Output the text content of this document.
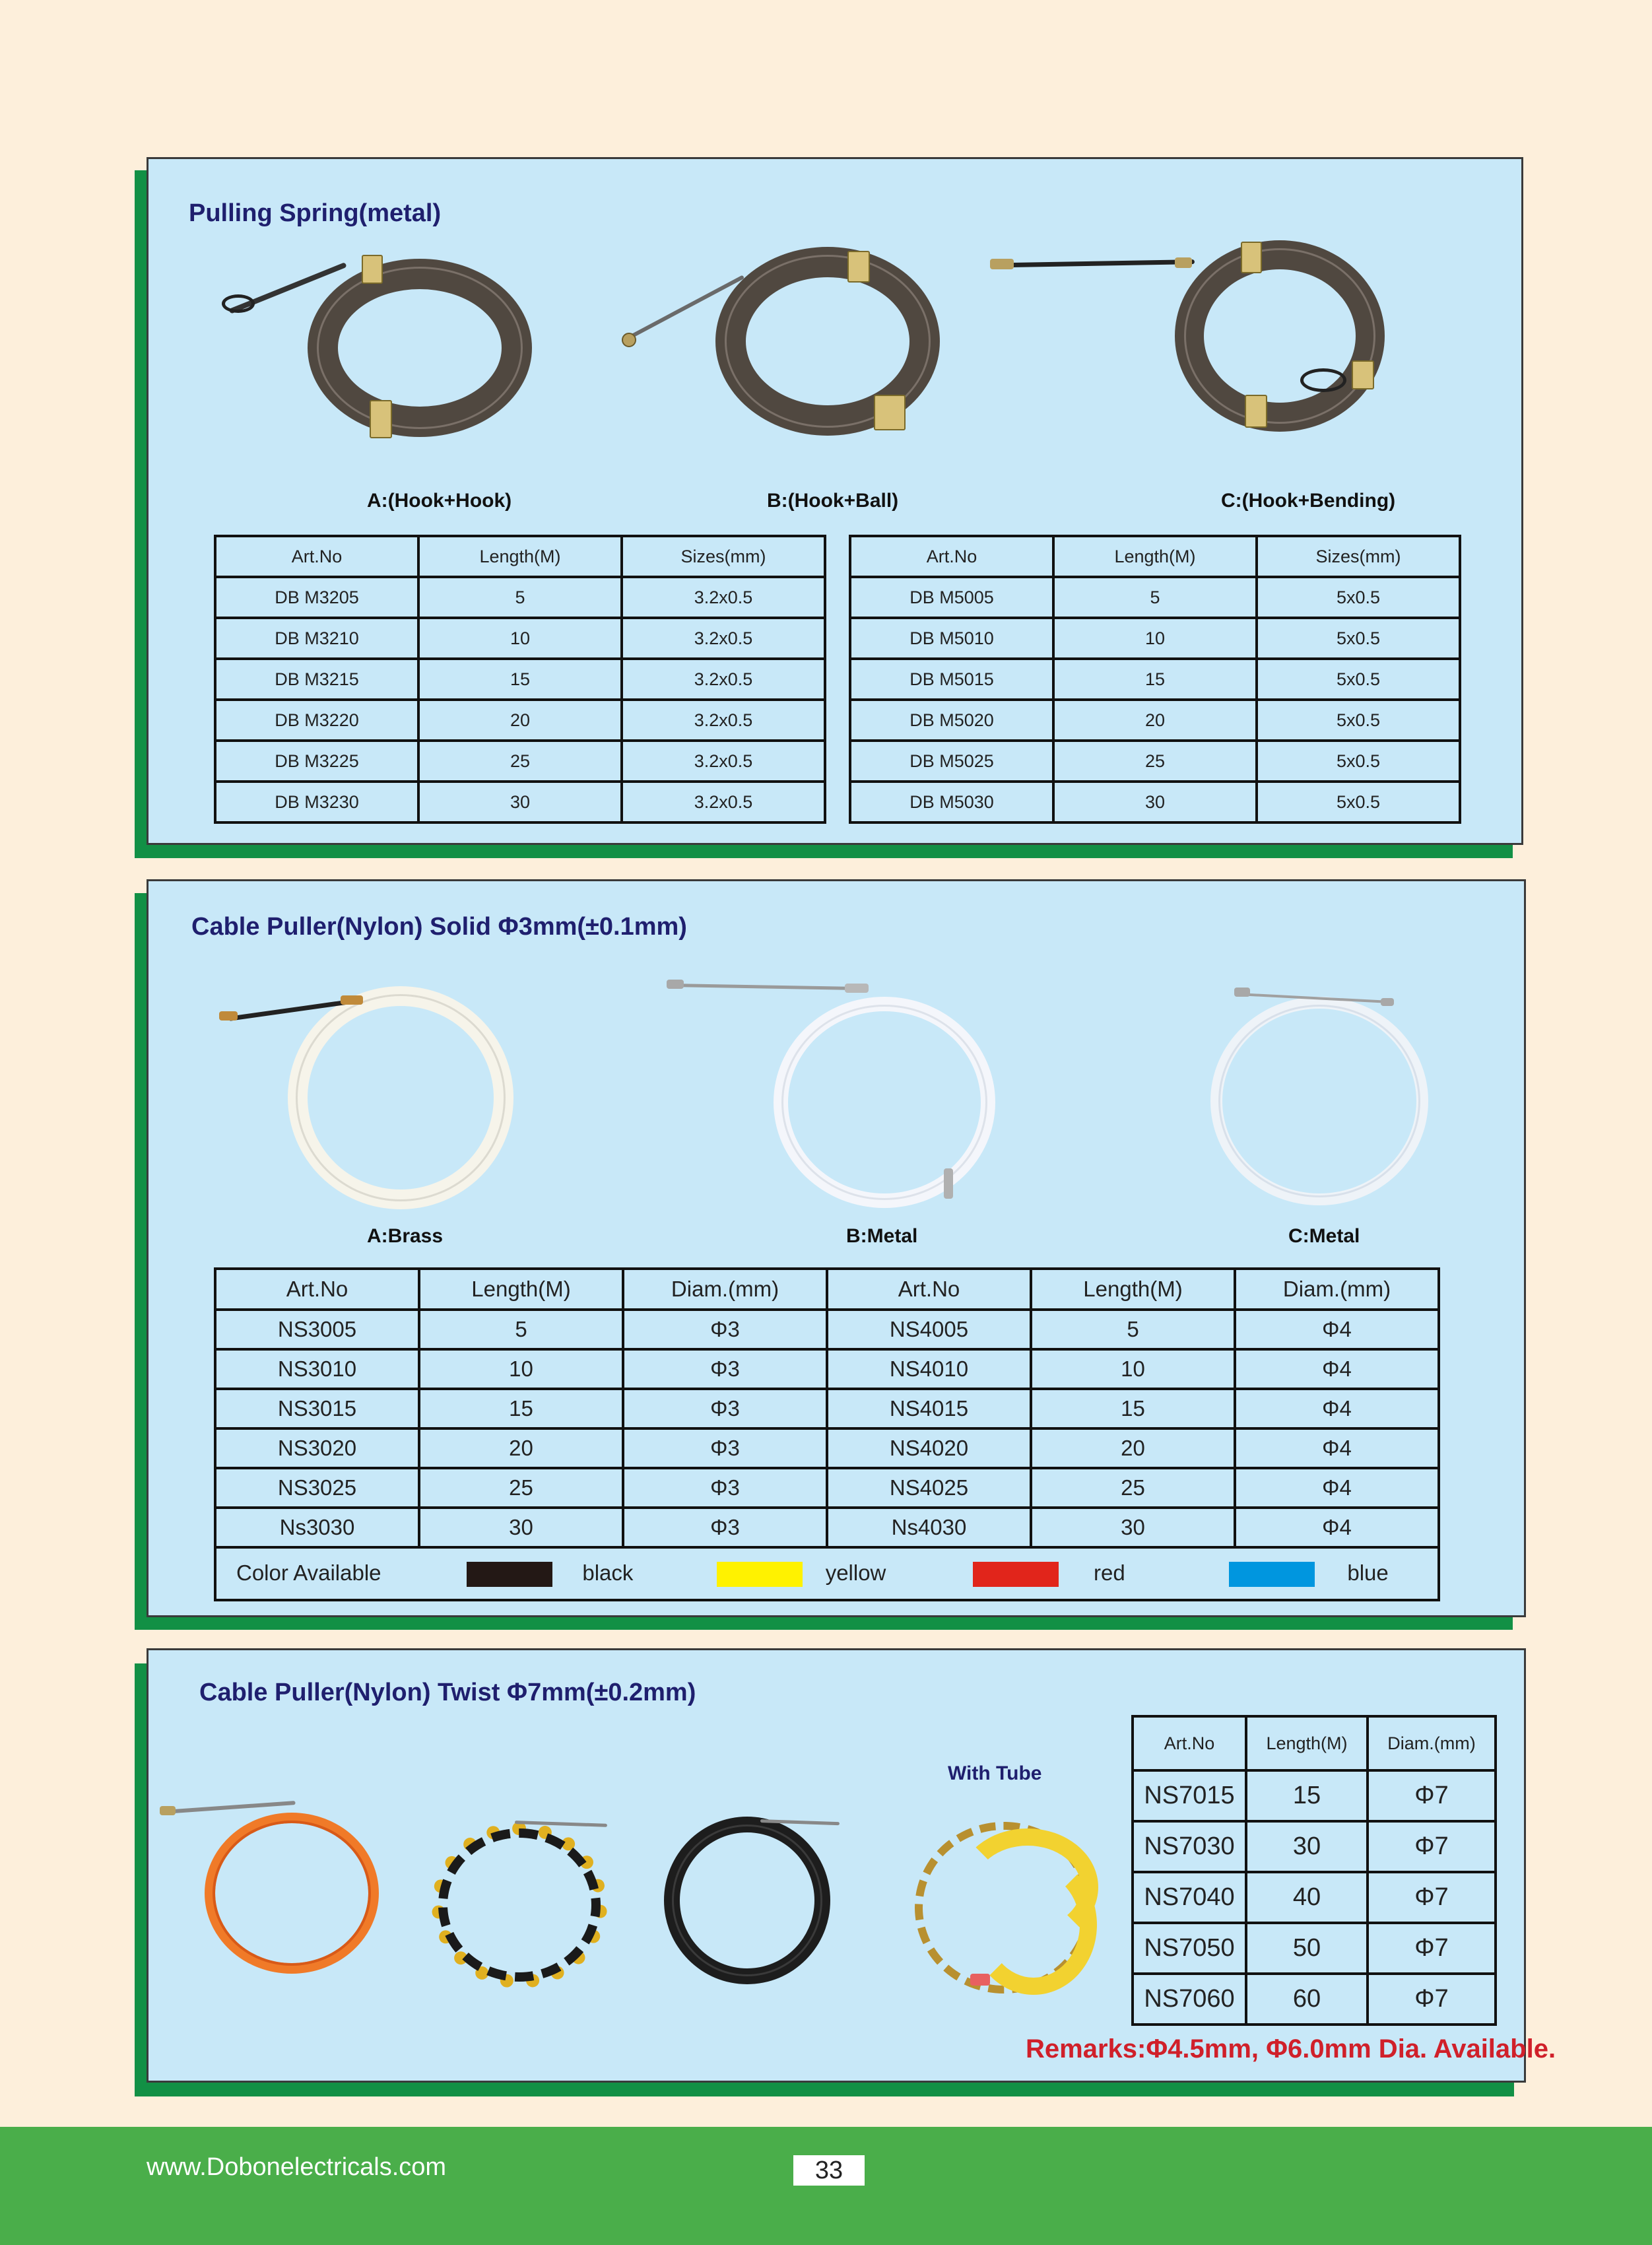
Pulling Spring(metal)
A:(Hook+Hook)	B:(Hook+Ball)	C:(Hook+Bending)
Art.No	Length(M)	Sizes(mm)
DB M3205	5	3.2x0.5
DB M3210	10	3.2x0.5
DB M3215	15	3.2x0.5
DB M3220	20	3.2x0.5
DB M3225	25	3.2x0.5
DB M3230	30	3.2x0.5
Art.No	Length(M)	Sizes(mm)
DB M5005	5	5x0.5
DB M5010	10	5x0.5
DB M5015	15	5x0.5
DB M5020	20	5x0.5
DB M5025	25	5x0.5
DB M5030	30	5x0.5
Cable Puller(Nylon) Solid Φ3mm(±0.1mm)
A:Brass	B:Metal	C:Metal
Art.No	Length(M)	Diam.(mm)	Art.No	Length(M)	Diam.(mm)
NS3005	5	Φ3	NS4005	5	Φ4
NS3010	10	Φ3	NS4010	10	Φ4
NS3015	15	Φ3	NS4015	15	Φ4
NS3020	20	Φ3	NS4020	20	Φ4
NS3025	25	Φ3	NS4025	25	Φ4
Ns3030	30	Φ3	Ns4030	30	Φ4
Color Available black yellow red blue					
Cable Puller(Nylon) Twist Φ7mm(±0.2mm)
With Tube
Art.No	Length(M)	Diam.(mm)
NS7015	15	Φ7
NS7030	30	Φ7
NS7040	40	Φ7
NS7050	50	Φ7
NS7060	60	Φ7
Remarks:Φ4.5mm, Φ6.0mm Dia. Available.
www.Dobonelectricals.com	33
